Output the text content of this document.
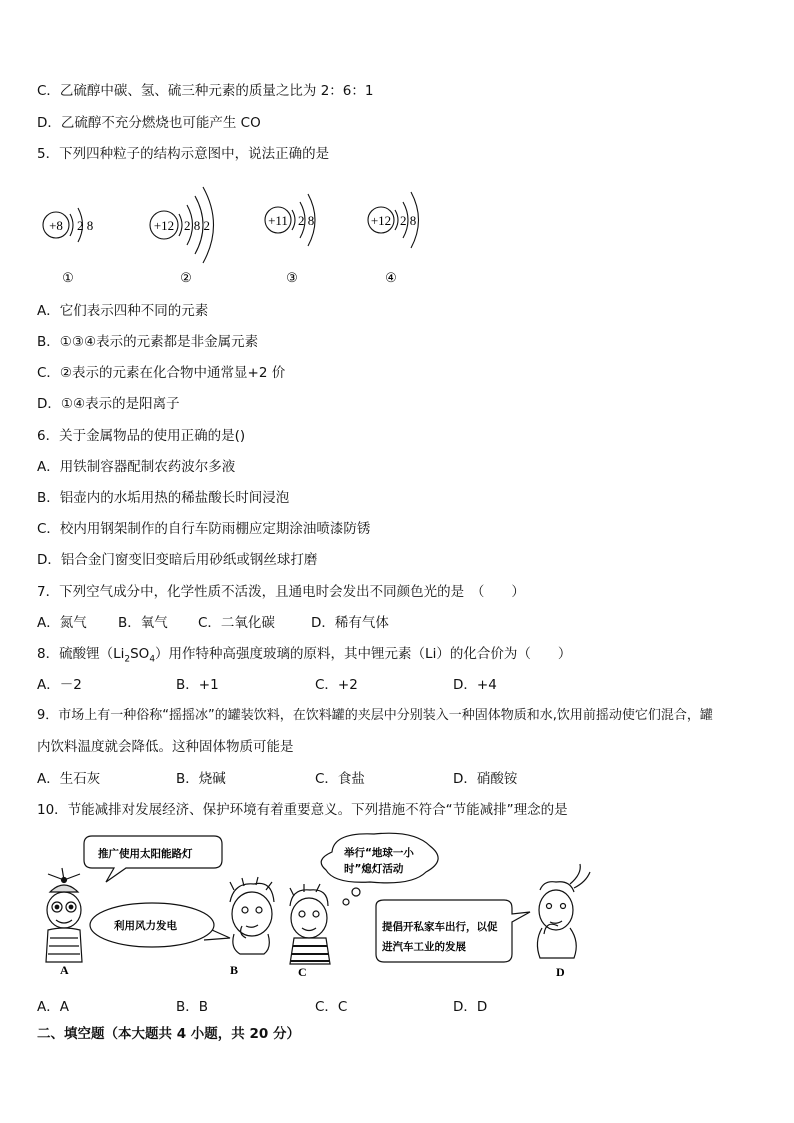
C．乙硫醇中碳、氢、硫三种元素的质量之比为 2：6：1
D．乙硫醇不充分燃烧也可能产生 CO
5．下列四种粒子的结构示意图中，说法正确的是
+8 2 8	+12 2 8 2	+11 2 8	+12 2 8
①	②	③	④
A．它们表示四种不同的元素
B．①③④表示的元素都是非金属元素
C．②表示的元素在化合物中通常显+2 价
D．①④表示的是阳离子
6．关于金属物品的使用正确的是()
A．用铁制容器配制农药波尔多液
B．铝壶内的水垢用热的稀盐酸长时间浸泡
C．校内用钢架制作的自行车防雨棚应定期涂油喷漆防锈
D．铝合金门窗变旧变暗后用砂纸或钢丝球打磨
7．下列空气成分中，化学性质不活泼，且通电时会发出不同颜色光的是　（　　）
A．氮气 B．氧气 C．二氧化碳	D．稀有气体
8．硫酸锂$(Li_2SO_4)$用作特种高强度玻璃的原料，其中锂元素（Li）的化合价为（　　）
A．－2	B．+1	C．+2	D．+4
9．市场上有一种俗称“摇摇冰”的罐装饮料，在饮料罐的夹层中分别装入一种固体物质和水,饮用前摇动使它们混合，罐
内饮料温度就会降低。这种固体物质可能是
A．生石灰	B．烧碱	C．食盐	D．硝酸铵
10．节能减排对发展经济、保护环境有着重要意义。下列措施不符合“节能减排”理念的是
推广使用太阳能路灯
利用风力发电
举行“地球一小
时”熄灯活动
提倡开私家车出行，以促
进汽车工业的发展
A	B	C	D
A．A	B．B	C．C	D．D
二、填空题（本大题共 4 小题，共 20 分）
